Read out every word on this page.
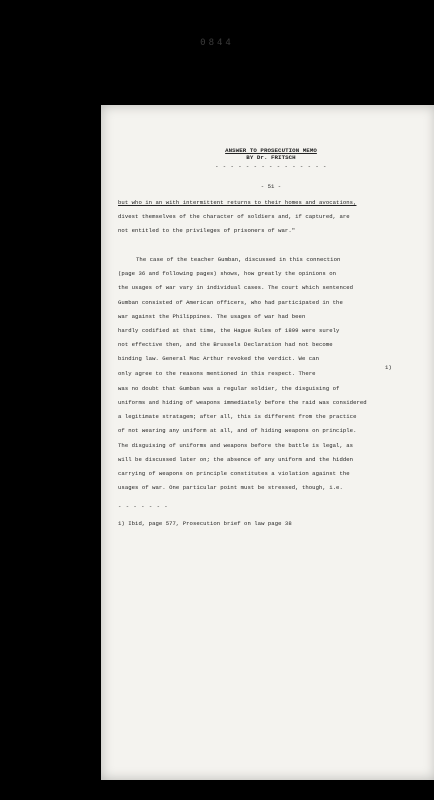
0844
ANSWER TO PROSECUTION MEMO
BY Dr. FRITSCH
- - - - - - - - - - - - - - -
- 51 -
but who in an with intermittent returns to their homes and avocations,
divest themselves of the character of soldiers and, if captured, are
not entitled to the privileges of prisoners of war."
The case of the teacher Gumban, discussed in this connection
(page 36 and following pages) shows, how greatly the opinions on
the usages of war vary in individual cases. The court which sentenced
Gumban consisted of American officers, who had participated in the
war against the Philippines. The usages of war had been
hardly codified at that time, the Hague Rules of 1899 were surely
not effective then, and the Brussels Declaration had not become
binding law. General Mac Arthur revoked the verdict. We can
1)
only agree to the reasons mentioned in this respect. There
was no doubt that Gumban was a regular soldier, the disguising of
uniforms and hiding of weapons immediately before the raid was considered
a legitimate stratagem; after all, this is different from the practice
of not wearing any uniform at all, and of hiding weapons on principle.
The disguising of uniforms and weapons before the battle is legal, as
will be discussed later on; the absence of any uniform and the hidden
carrying of weapons on principle constitutes a violation against the
usages of war. One particular point must be stressed, though, i.e.
- - - - - - -
1) Ibid, page 577, Prosecution brief on law page 38
